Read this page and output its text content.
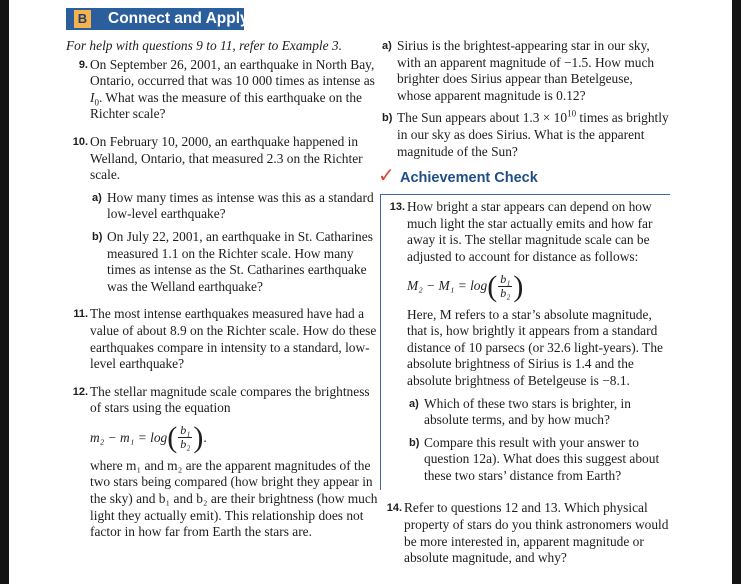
B Connect and Apply

For help with questions 9 to 11, refer to Example 3.

9. On September 26, 2001, an earthquake in North Bay, Ontario, occurred that was 10 000 times as intense as $I_0$. What was the measure of this earthquake on the Richter scale?
10. On February 10, 2000, an earthquake happened in Welland, Ontario, that measured 2.3 on the Richter scale.
a) How many times as intense was this as a standard low-level earthquake?
b) On July 22, 2001, an earthquake in St. Catharines measured 1.1 on the Richter scale. How many times as intense as the St. Catharines earthquake was the Welland earthquake?
11. The most intense earthquakes measured have had a value of about 8.9 on the Richter scale. How do these earthquakes compare in intensity to a standard, low-level earthquake?
12. The stellar magnitude scale compares the brightness of stars using the equation
m₂ − m₁ = log ( $\frac{\text{b₁}}{\text{b₂}}$ ) .
where m₁ and m₂ are the apparent magnitudes of the two stars being compared (how bright they appear in the sky) and b₁ and b₂ are their brightness (how much light they actually emit). This relationship does not factor in how far from Earth the stars are.
a) Sirius is the brightest-appearing star in our sky, with an apparent magnitude of −1.5. How much brighter does Sirius appear than Betelgeuse, whose apparent magnitude is 0.12?
b) The Sun appears about $1.3 \times 10^{10}$ times as brightly in our sky as does Sirius. What is the apparent magnitude of the Sun?
✓ Achievement Check
13. How bright a star appears can depend on how much light the star actually emits and how far away it is. The stellar magnitude scale can be adjusted to account for distance as follows:
M₂ − M₁ = log ( $\frac{\text{b₁}}{\text{b₂}}$ )
Here, M refers to a star’s absolute magnitude, that is, how brightly it appears from a standard distance of 10 parsecs (or 32.6 light-years). The absolute brightness of Sirius is 1.4 and the absolute brightness of Betelgeuse is −8.1.
a) Which of these two stars is brighter, in absolute terms, and by how much?
b) Compare this result with your answer to question 12a). What does this suggest about these two stars’ distance from Earth?
14. Refer to questions 12 and 13. Which physical property of stars do you think astronomers would be more interested in, apparent magnitude or absolute magnitude, and why?
